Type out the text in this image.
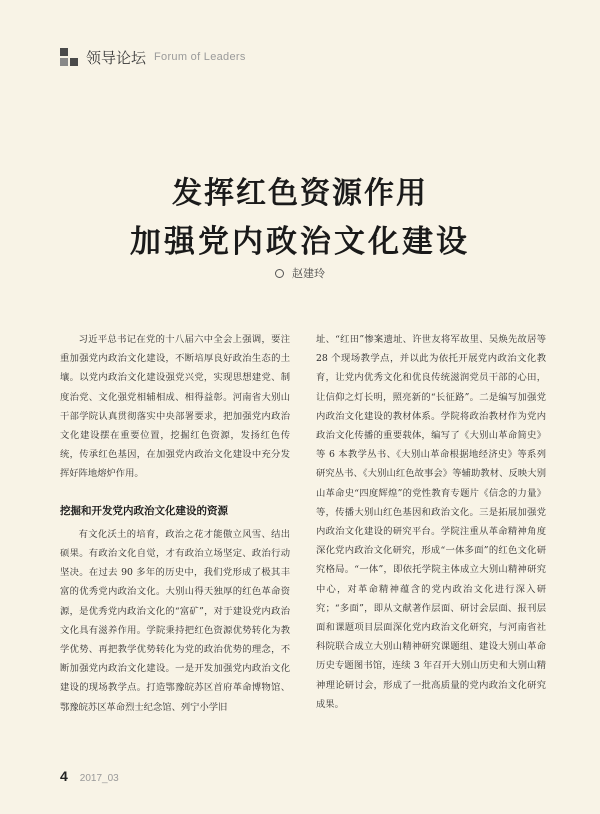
领导论坛 Forum of Leaders
发挥红色资源作用
加强党内政治文化建设
赵建玲

习近平总书记在党的十八届六中全会上强调，要注重加强党内政治文化建设，不断培厚良好政治生态的土壤。以党内政治文化建设强党兴党，实现思想建党、制度治党、文化强党相辅相成、相得益彰。河南省大别山干部学院认真贯彻落实中央部署要求，把加强党内政治文化建设摆在重要位置，挖掘红色资源，发扬红色传统，传承红色基因，在加强党内政治文化建设中充分发挥好阵地熔炉作用。

挖掘和开发党内政治文化建设的资源

有文化沃土的培育，政治之花才能傲立风雪、结出硕果。有政治文化自觉，才有政治立场坚定、政治行动坚决。在过去 90 多年的历史中，我们党形成了极其丰富的优秀党内政治文化。大别山得天独厚的红色革命资源，是优秀党内政治文化的“富矿”，对于建设党内政治文化具有滋养作用。学院秉持把红色资源优势转化为教学优势、再把教学优势转化为党的政治优势的理念，不断加强党内政治文化建设。一是开发加强党内政治文化建设的现场教学点。打造鄂豫皖苏区首府革命博物馆、鄂豫皖苏区革命烈士纪念馆、列宁小学旧

址、“红田”惨案遗址、许世友将军故里、吴焕先故居等 28 个现场教学点，并以此为依托开展党内政治文化教育，让党内优秀文化和优良传统滋润党员干部的心田，让信仰之灯长明，照亮新的“长征路”。二是编写加强党内政治文化建设的教材体系。学院将政治教材作为党内政治文化传播的重要载体，编写了《大别山革命简史》等 6 本教学丛书、《大别山革命根据地经济史》等系列研究丛书、《大别山红色故事会》等辅助教材、反映大别山革命史“四度辉煌”的党性教育专题片《信念的力量》等，传播大别山红色基因和政治文化。三是拓展加强党内政治文化建设的研究平台。学院注重从革命精神角度深化党内政治文化研究，形成“一体多面”的红色文化研究格局。“一体”，即依托学院主体成立大别山精神研究中心，对革命精神蕴含的党内政治文化进行深入研究；“多面”，即从文献著作层面、研讨会层面、报刊层面和课题项目层面深化党内政治文化研究，与河南省社科院联合成立大别山精神研究课题组、建设大别山革命历史专题图书馆，连续 3 年召开大别山历史和大别山精神理论研讨会，形成了一批高质量的党内政治文化研究成果。

4 2017_03
